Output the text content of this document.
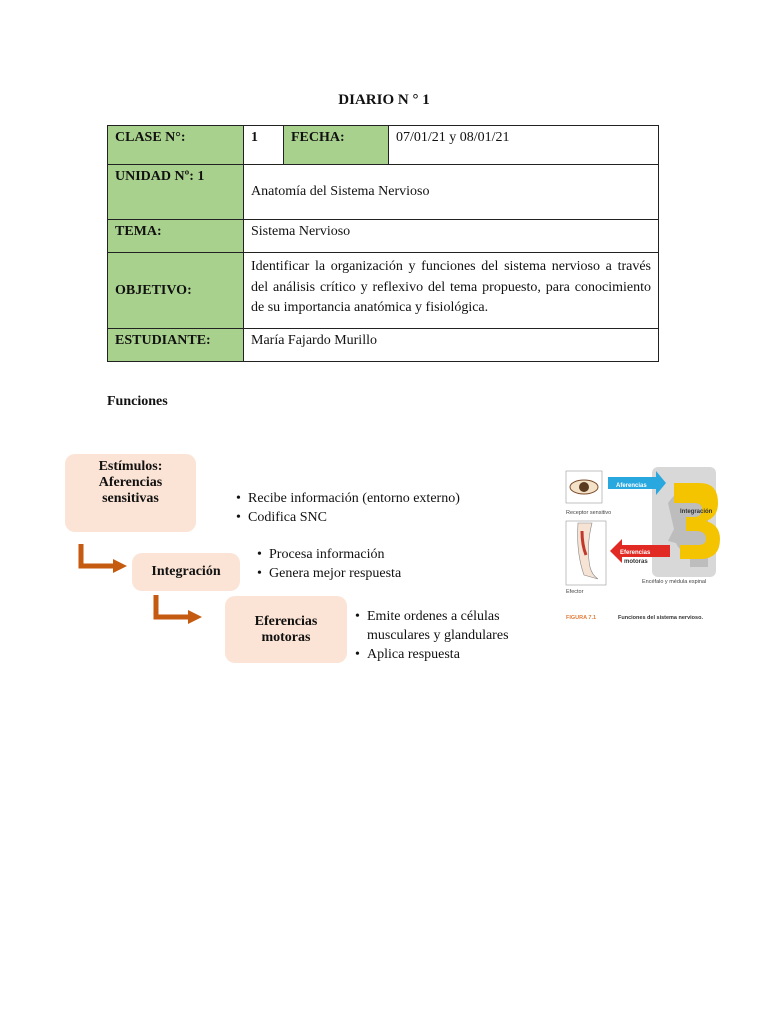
DIARIO N ° 1
CLASE N°:	1	FECHA:	07/01/21 y 08/01/21
UNIDAD Nº: 1	Anatomía del Sistema Nervioso		
TEMA:	Sistema Nervioso		
OBJETIVO:	Identificar la organización y funciones del sistema nervioso a través del análisis crítico y reflexivo del tema propuesto, para conocimiento de su importancia anatómica y fisiológica.		
ESTUDIANTE:	María Fajardo Murillo		
Funciones
Estímulos:
Aferencias
sensitivas	• Recibe información (entorno externo)
• Codifica SNC
Integración
• Procesa información
• Genera mejor respuesta
Eferencias
motoras
• Emite ordenes a células musculares y glandulares
• Aplica respuesta
Aferencias sensitivas
Integración
Eferencias motoras
Receptor sensitivo
Efector
Encéfalo y médula espinal
FIGURA 7.1	Funciones del sistema nervioso.
